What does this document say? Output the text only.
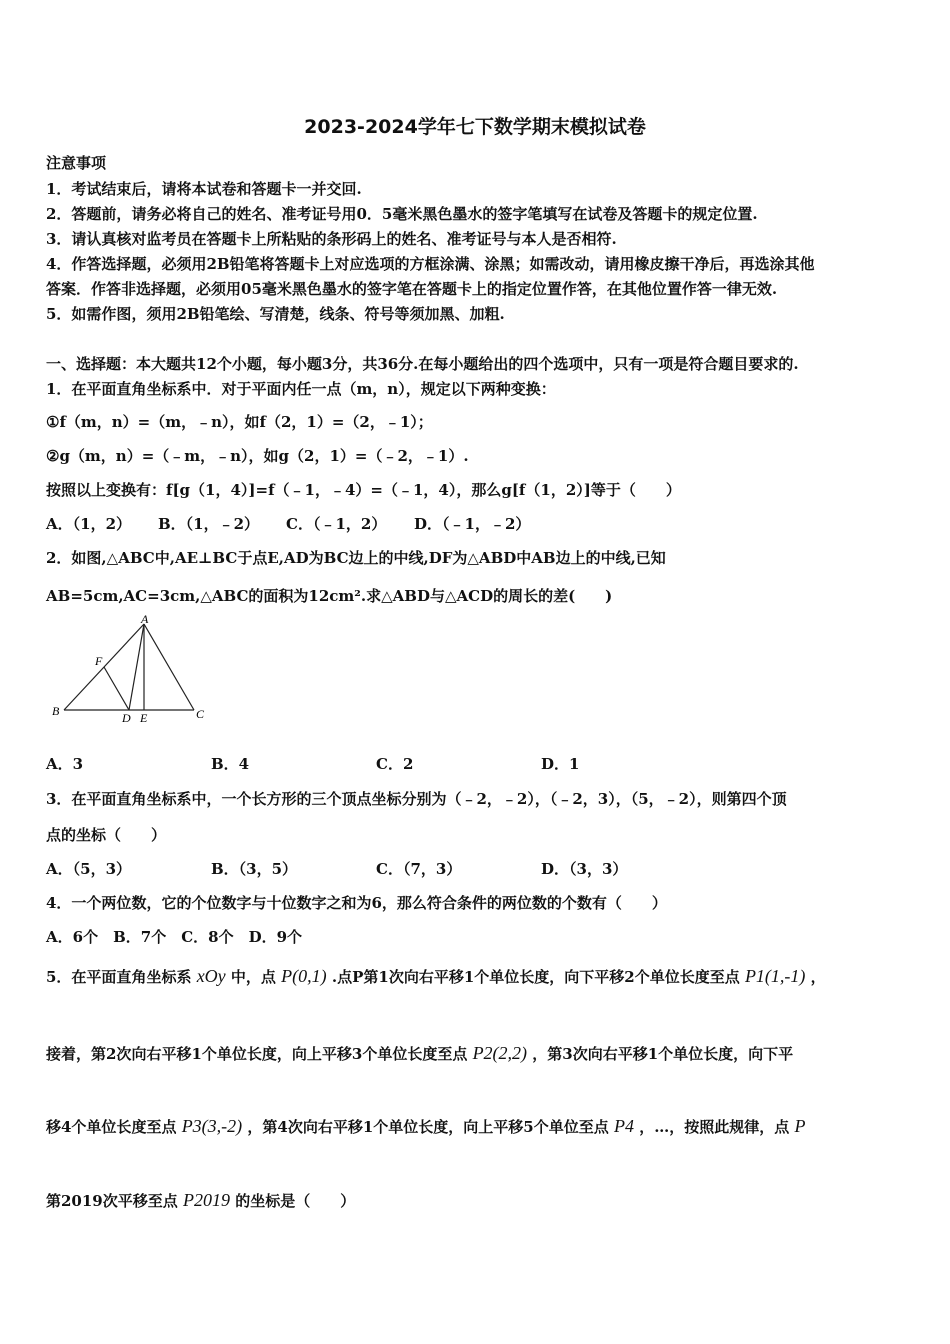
2023-2024学年七下数学期末模拟试卷
注意事项
1．考试结束后，请将本试卷和答题卡一并交回.
2．答题前，请务必将自己的姓名、准考证号用0．5毫米黑色墨水的签字笔填写在试卷及答题卡的规定位置.
3．请认真核对监考员在答题卡上所粘贴的条形码上的姓名、准考证号与本人是否相符.
4．作答选择题，必须用2B铅笔将答题卡上对应选项的方框涂满、涂黑；如需改动，请用橡皮擦干净后，再选涂其他
答案．作答非选择题，必须用05毫米黑色墨水的签字笔在答题卡上的指定位置作答，在其他位置作答一律无效.
5．如需作图，须用2B铅笔绘、写清楚，线条、符号等须加黑、加粗.
一、选择题：本大题共12个小题，每小题3分，共36分.在每小题给出的四个选项中，只有一项是符合题目要求的.
1．在平面直角坐标系中．对于平面内任一点（m，n），规定以下两种变换：
①f（m，n）=（m，﹣n），如f（2，1）=（2，﹣1）；
②g（m，n）=（﹣m，﹣n），如g（2，1）=（﹣2，﹣1）.
按照以上变换有：f[g（1，4）]=f（﹣1，﹣4）=（﹣1，4），那么g[f（1，2）]等于（　　）
A．（1，2） B．（1，﹣2） C．（﹣1，2） D．（﹣1，﹣2）
2．如图,△ABC中,AE⊥BC于点E,AD为BC边上的中线,DF为△ABD中AB边上的中线,已知
AB=5cm,AC=3cm,△ABC的面积为12cm².求△ABD与△ACD的周长的差(　　)
A
F
B	D E	C
A．3	B．4	C．2	D．1
3．在平面直角坐标系中，一个长方形的三个顶点坐标分别为（﹣2，﹣2），（﹣2，3），（5，﹣2），则第四个顶
点的坐标（　　）
A．（5，3）	B．（3，5）	C．（7，3）	D．（3，3）
4．一个两位数，它的个位数字与十位数字之和为6，那么符合条件的两位数的个数有（　　）
A．6个　B．7个　C．8个　D．9个
5．在平面直角坐标系 xOy 中，点 P(0,1) .点P第1次向右平移1个单位长度，向下平移2个单位长度至点 P1(1,-1) ，
接着，第2次向右平移1个单位长度，向上平移3个单位长度至点 P2(2,2) ，第3次向右平移1个单位长度，向下平
移4个单位长度至点 P3(3,-2) ，第4次向右平移1个单位长度，向上平移5个单位至点 P4 ，…，按照此规律，点 P
第2019次平移至点 P2019 的坐标是（　　）
